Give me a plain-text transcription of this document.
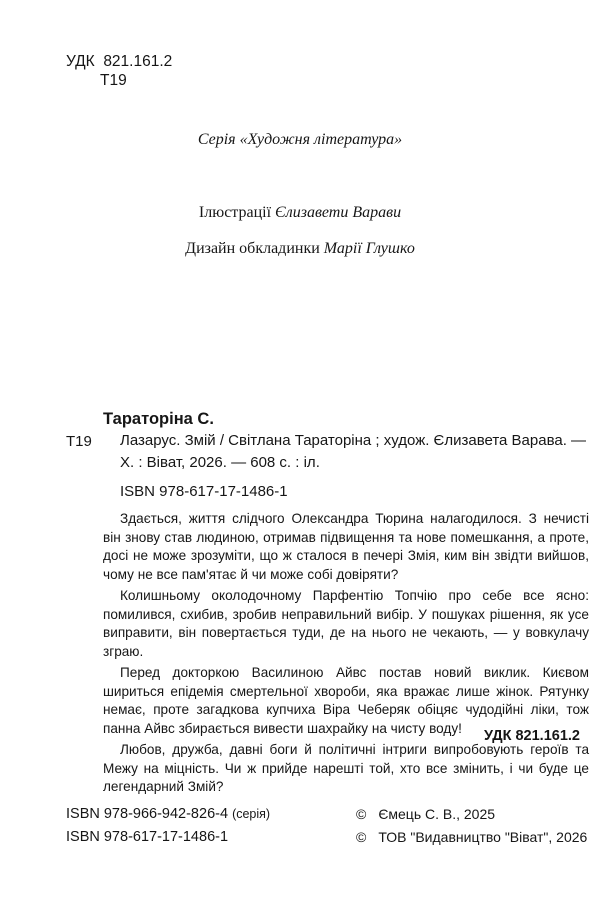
УДК 821.161.2
Т19
Серія «Художня література»
Ілюстрації Єлизавети Варави
Дизайн обкладинки Марії Глушко
Тараторіна С.
Т19	Лазарус. Змій / Світлана Тараторіна ; худож. Єлизавета Варава. —
Х. : Віват, 2026. — 608 с. : іл.
ISBN 978-617-17-1486-1

Здається, життя слідчого Олександра Тюрина налагодилося. З нечисті він знову став людиною, отримав підвищення та нове помешкання, а проте, досі не може зрозуміти, що ж сталося в печері Змія, ким він звідти вийшов, чому не все пам'ятає й чи може собі довіряти?

Колишньому околодочному Парфентію Топчію про себе все ясно: помилився, схибив, зробив неправильний вибір. У пошуках рішення, як усе виправити, він повертається туди, де на нього не чекають, — у вовкулачу зграю.

Перед докторкою Василиною Айвс постав новий виклик. Києвом шириться епідемія смертельної хвороби, яка вражає лише жінок. Рятунку немає, проте загадкова купчиха Віра Чеберяк обіцяє чудодійні ліки, тож панна Айвс збирається вивести шахрайку на чисту воду!

Любов, дружба, давні боги й політичні інтриги випробовують героїв та Межу на міцність. Чи ж прийде нарешті той, хто все змінить, і чи буде це легендарний Змій?

УДК 821.161.2
ISBN 978-966-942-826-4 (серія)
ISBN 978-617-17-1486-1
© Ємець С. В., 2025
© ТОВ "Видавництво "Віват", 2026
